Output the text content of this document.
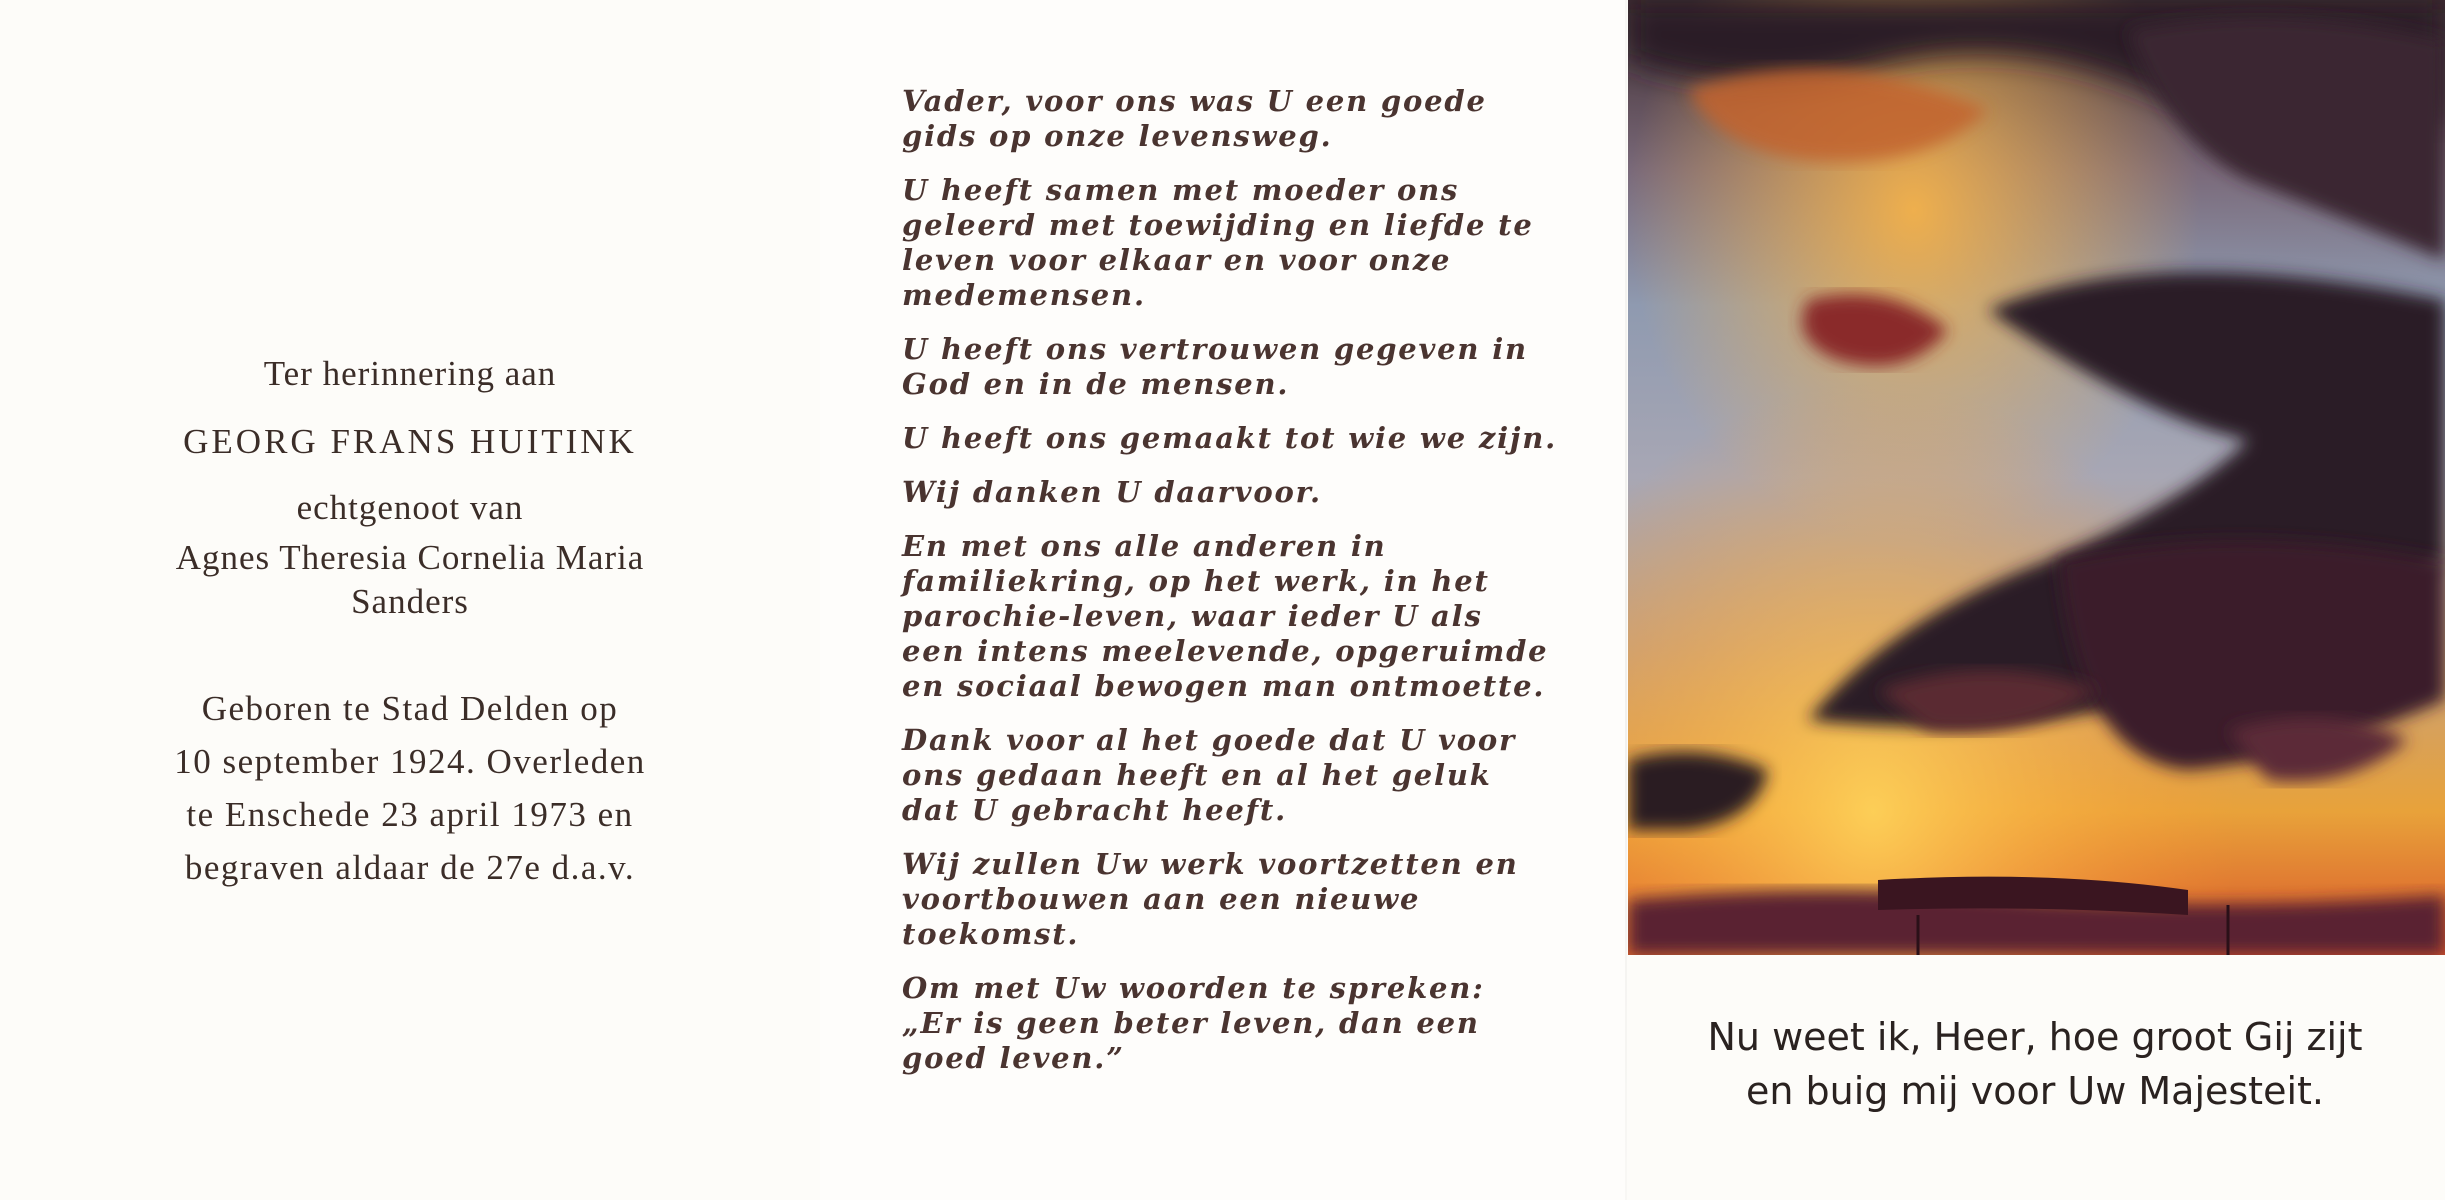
Ter herinnering aan
GEORG FRANS HUITINK
echtgenoot van
Agnes Theresia Cornelia Maria
Sanders
Geboren te Stad Delden op
10 september 1924. Overleden
te Enschede 23 april 1973 en
begraven aldaar de 27e d.a.v.

Vader, voor ons was U een goede
gids op onze levensweg.

U heeft samen met moeder ons
geleerd met toewijding en liefde te
leven voor elkaar en voor onze
medemensen.

U heeft ons vertrouwen gegeven in
God en in de mensen.

U heeft ons gemaakt tot wie we zijn.

Wij danken U daarvoor.

En met ons alle anderen in
familiekring, op het werk, in het
parochie-leven, waar ieder U als
een intens meelevende, opgeruimde
en sociaal bewogen man ontmoette.

Dank voor al het goede dat U voor
ons gedaan heeft en al het geluk
dat U gebracht heeft.

Wij zullen Uw werk voortzetten en
voortbouwen aan een nieuwe
toekomst.

Om met Uw woorden te spreken:
„Er is geen beter leven, dan een
goed leven.”	Nu weet ik, Heer, hoe groot Gij zijt
en buig mij voor Uw Majesteit.
